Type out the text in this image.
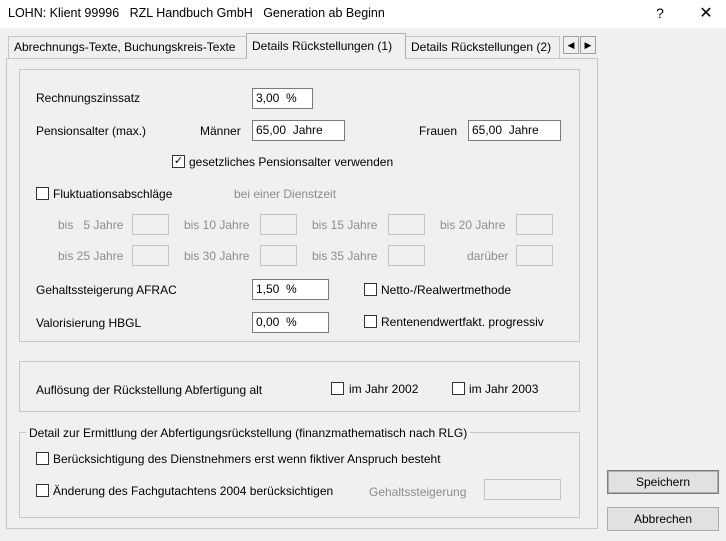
LOHN: Klient 99996   RZL Handbuch GmbH   Generation ab Beginn	?	✕
Abrechnungs-Texte, Buchungskreis-Texte	Details Rückstellungen (1)	Details Rückstellungen (2)	◀	▶
Rechnungszinssatz	3,00  %
Pensionsalter (max.)	Männer	65,00  Jahre	Frauen	65,00  Jahre
✓ gesetzliches Pensionsalter verwenden
Fluktuationsabschläge	bei einer Dienstzeit
bis   5 Jahre	bis 10 Jahre	bis 15 Jahre	bis 20 Jahre
bis 25 Jahre	bis 30 Jahre	bis 35 Jahre	darüber
Gehaltssteigerung AFRAC	1,50  %	Netto-/Realwertmethode
Valorisierung HBGL	0,00  %	Rentenendwertfakt. progressiv
Auflösung der Rückstellung Abfertigung alt	im Jahr 2002	im Jahr 2003
Detail zur Ermittlung der Abfertigungsrückstellung (finanzmathematisch nach RLG)
Berücksichtigung des Dienstnehmers erst wenn fiktiver Anspruch besteht
Änderung des Fachgutachtens 2004 berücksichtigen	Gehaltssteigerung
Speichern
Abbrechen
